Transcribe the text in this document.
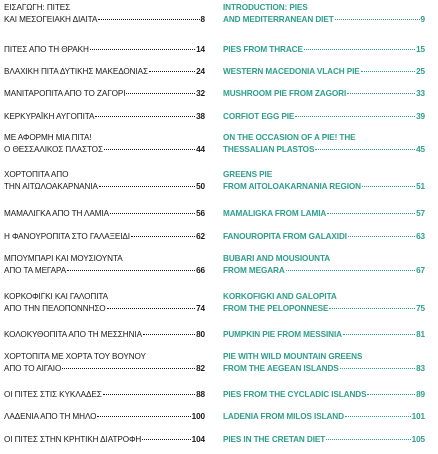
ΕΙΣΑΓΩΓΗ: ΠΙΤΕΣ
ΚΑΙ ΜΕΣΟΓΕΙΑΚΗ ΔΙΑΙΤΑ	8
ΠΙΤΕΣ ΑΠΟ ΤΗ ΘΡΑΚΗ	14
ΒΛΑΧΙΚΗ ΠΙΤΑ ΔΥΤΙΚΗΣ ΜΑΚΕΔΟΝΙΑΣ	24
ΜΑΝΙΤΑΡΟΠΙΤΑ ΑΠΟ ΤΟ ΖΑΓΟΡΙ	32
ΚΕΡΚΥΡΑΪΚΗ ΑΥΓΟΠΙΤΑ	38
ΜΕ ΑΦΟΡΜΗ ΜΙΑ ΠΙΤΑ!
Ο ΘΕΣΣΑΛΙΚΟΣ ΠΛΑΣΤΟΣ	44
ΧΟΡΤΟΠΙΤΑ ΑΠΟ
ΤΗΝ ΑΙΤΩΛΟΑΚΑΡΝΑΝΙΑ	50
ΜΑΜΑΛΙΓΚΑ ΑΠΟ ΤΗ ΛΑΜΙΑ	56
Η ΦΑΝΟΥΡΟΠΙΤΑ ΣΤΟ ΓΑΛΑΞΕΙΔΙ	62
ΜΠΟΥΜΠΑΡΙ ΚΑΙ ΜΟΥΣΙΟΥΝΤΑ
ΑΠΟ ΤΑ ΜΕΓΑΡΑ	66
ΚΟΡΚΟΦΙΓΚΙ ΚΑΙ ΓΑΛΟΠΙΤΑ
ΑΠΟ ΤΗΝ ΠΕΛΟΠΟΝΝΗΣΟ	74
ΚΟΛΟΚΥΘΟΠΙΤΑ ΑΠΟ ΤΗ ΜΕΣΣΗΝΙΑ	80
ΧΟΡΤΟΠΙΤΑ ΜΕ ΧΟΡΤΑ ΤΟΥ ΒΟΥΝΟΥ
ΑΠΟ ΤΟ ΑΙΓΑΙΟ	82
ΟΙ ΠΙΤΕΣ ΣΤΙΣ ΚΥΚΛΑΔΕΣ	88
ΛΑΔΕΝΙΑ ΑΠΟ ΤΗ ΜΗΛΟ	100
ΟΙ ΠΙΤΕΣ ΣΤΗΝ ΚΡΗΤΙΚΗ ΔΙΑΤΡΟΦΗ	104
INTRODUCTION: PIES
AND MEDITERRANEAN DIET	9
PIES FROM THRACE	15
WESTERN MACEDONIA VLACH PIE	25
MUSHROOM PIE FROM ZAGORI	33
CORFIOT EGG PIE	39
ON THE OCCASION OF A PIE! THE
THESSALIAN PLASTOS	45
GREENS PIE
FROM AITOLOAKARNANIA REGION	51
MAMALIGKA FROM LAMIA	57
FANOUROPITA FROM GALAXIDI	63
BUBARI AND MOUSIOUNTA
FROM MEGARA	67
KORKOFIGKI AND GALOPITA
FROM THE PELOPONNESE	75
PUMPKIN PIE FROM MESSINIA	81
PIE WITH WILD MOUNTAIN GREENS
FROM THE AEGEAN ISLANDS	83
PIES FROM THE CYCLADIC ISLANDS	89
LADENIA FROM MILOS ISLAND	101
PIES IN THE CRETAN DIET	105
